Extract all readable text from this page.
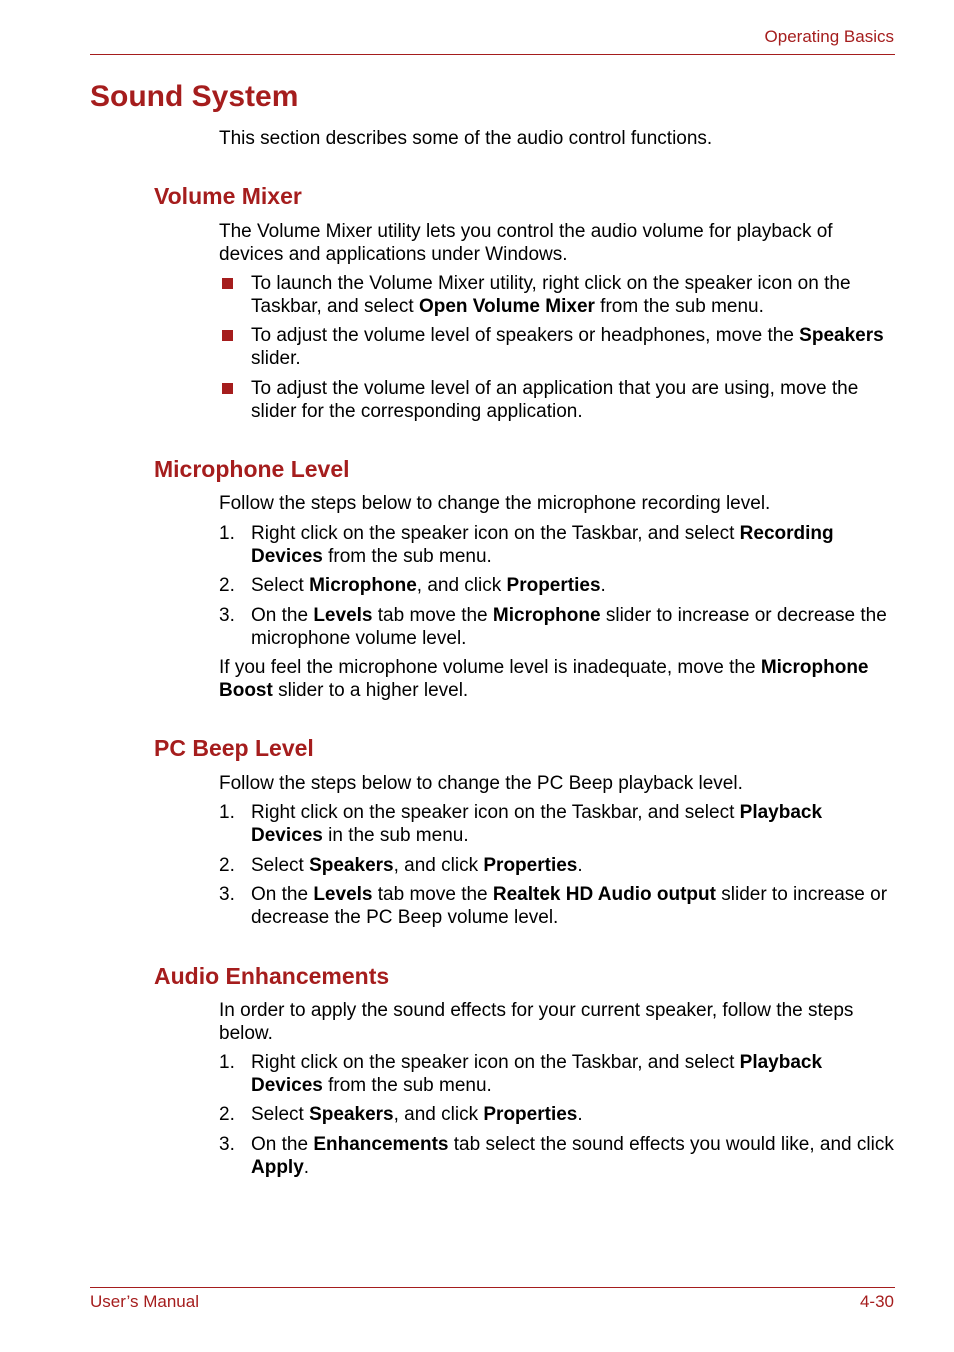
Operating Basics
Sound System

This section describes some of the audio control functions.

Volume Mixer

The Volume Mixer utility lets you control the audio volume for playback of devices and applications under Windows.

To launch the Volume Mixer utility, right click on the speaker icon on the Taskbar, and select Open Volume Mixer from the sub menu.
To adjust the volume level of speakers or headphones, move the Speakers slider.
To adjust the volume level of an application that you are using, move the slider for the corresponding application.
Microphone Level

Follow the steps below to change the microphone recording level.

1. Right click on the speaker icon on the Taskbar, and select Recording Devices from the sub menu.
2. Select Microphone, and click Properties.
3. On the Levels tab move the Microphone slider to increase or decrease the microphone volume level.

If you feel the microphone volume level is inadequate, move the Microphone Boost slider to a higher level.

PC Beep Level

Follow the steps below to change the PC Beep playback level.

1. Right click on the speaker icon on the Taskbar, and select Playback Devices in the sub menu.
2. Select Speakers, and click Properties.
3. On the Levels tab move the Realtek HD Audio output slider to increase or decrease the PC Beep volume level.
Audio Enhancements

In order to apply the sound effects for your current speaker, follow the steps below.

1. Right click on the speaker icon on the Taskbar, and select Playback Devices from the sub menu.
2. Select Speakers, and click Properties.
3. On the Enhancements tab select the sound effects you would like, and click Apply.
User’s Manual	4-30
